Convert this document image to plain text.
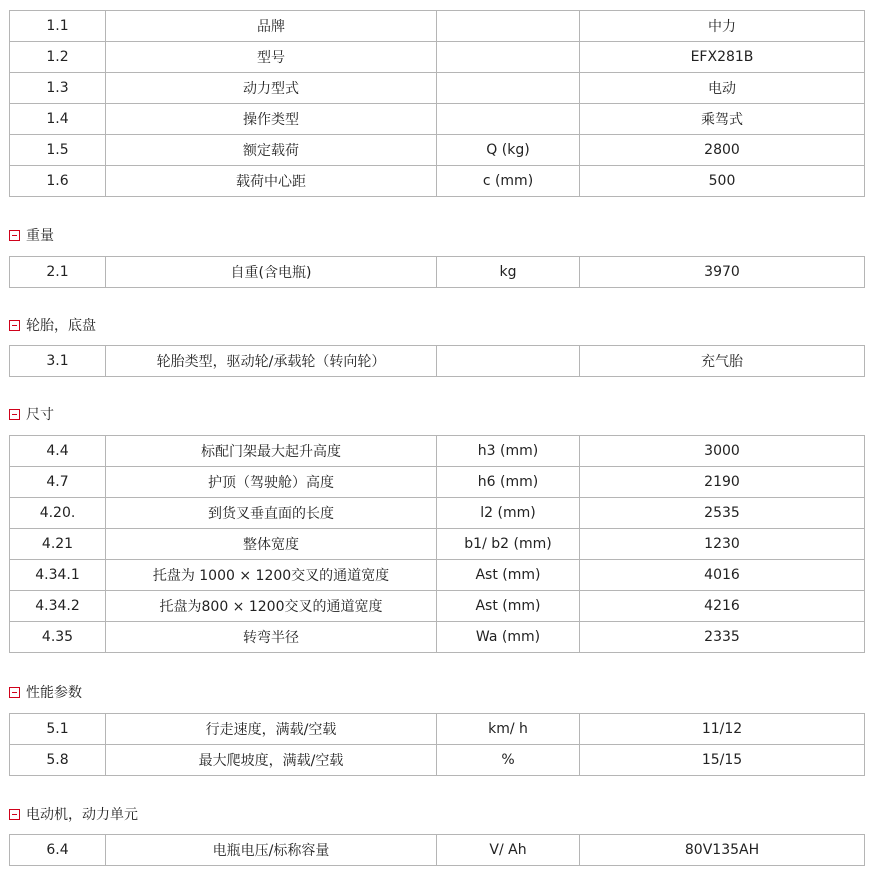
1.1	品牌		中力
1.2	型号		EFX281B
1.3	动力型式		电动
1.4	操作类型		乘驾式
1.5	额定载荷	Q (kg)	2800
1.6	载荷中心距	c (mm)	500
重量
2.1	自重(含电瓶)	kg	3970
轮胎，底盘
3.1	轮胎类型，驱动轮/承载轮（转向轮）		充气胎
尺寸
4.4	标配门架最大起升高度	h3 (mm)	3000
4.7	护顶（驾驶舱）高度	h6 (mm)	2190
4.20.	到货叉垂直面的长度	l2 (mm)	2535
4.21	整体宽度	b1/ b2 (mm)	1230
4.34.1	托盘为 1000 × 1200交叉的通道宽度	Ast (mm)	4016
4.34.2	托盘为800 × 1200交叉的通道宽度	Ast (mm)	4216
4.35	转弯半径	Wa (mm)	2335
性能参数
5.1	行走速度，满载/空载	km/ h	11/12
5.8	最大爬坡度，满载/空载	%	15/15
电动机，动力单元
6.4	电瓶电压/标称容量	V/ Ah	80V135AH
